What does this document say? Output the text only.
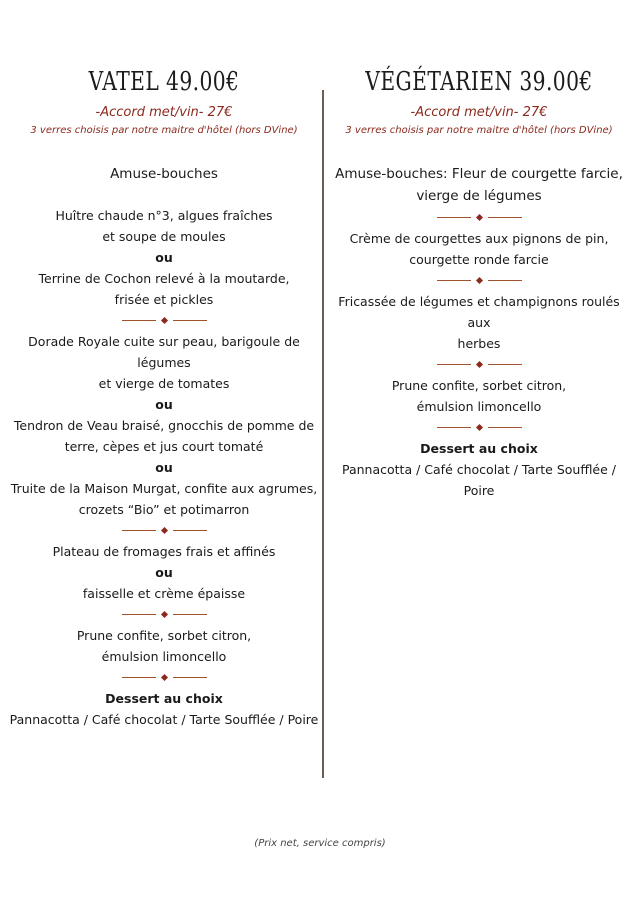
VATEL 49.00€
-Accord met/vin- 27€
3 verres choisis par notre maitre d'hôtel (hors DVine)
Amuse-bouches
Huître chaude n°3, algues fraîches
et soupe de moules
ou
Terrine de Cochon relevé à la moutarde,
frisée et pickles
Dorade Royale cuite sur peau, barigoule de légumes
et vierge de tomates
ou
Tendron de Veau braisé, gnocchis de pomme de
terre, cèpes et jus court tomaté
ou
Truite de la Maison Murgat, confite aux agrumes,
crozets “Bio” et potimarron
Plateau de fromages frais et affinés
ou
faisselle et crème épaisse
Prune confite, sorbet citron,
émulsion limoncello
Dessert au choix
Pannacotta / Café chocolat / Tarte Soufflée / Poire
VÉGÉTARIEN 39.00€
-Accord met/vin- 27€
3 verres choisis par notre maitre d'hôtel (hors DVine)
Amuse-bouches: Fleur de courgette farcie,
vierge de légumes
Crème de courgettes aux pignons de pin,
courgette ronde farcie
Fricassée de légumes et champignons roulés aux
herbes
Prune confite, sorbet citron,
émulsion limoncello
Dessert au choix
Pannacotta / Café chocolat / Tarte Soufflée / Poire
(Prix net, service compris)
